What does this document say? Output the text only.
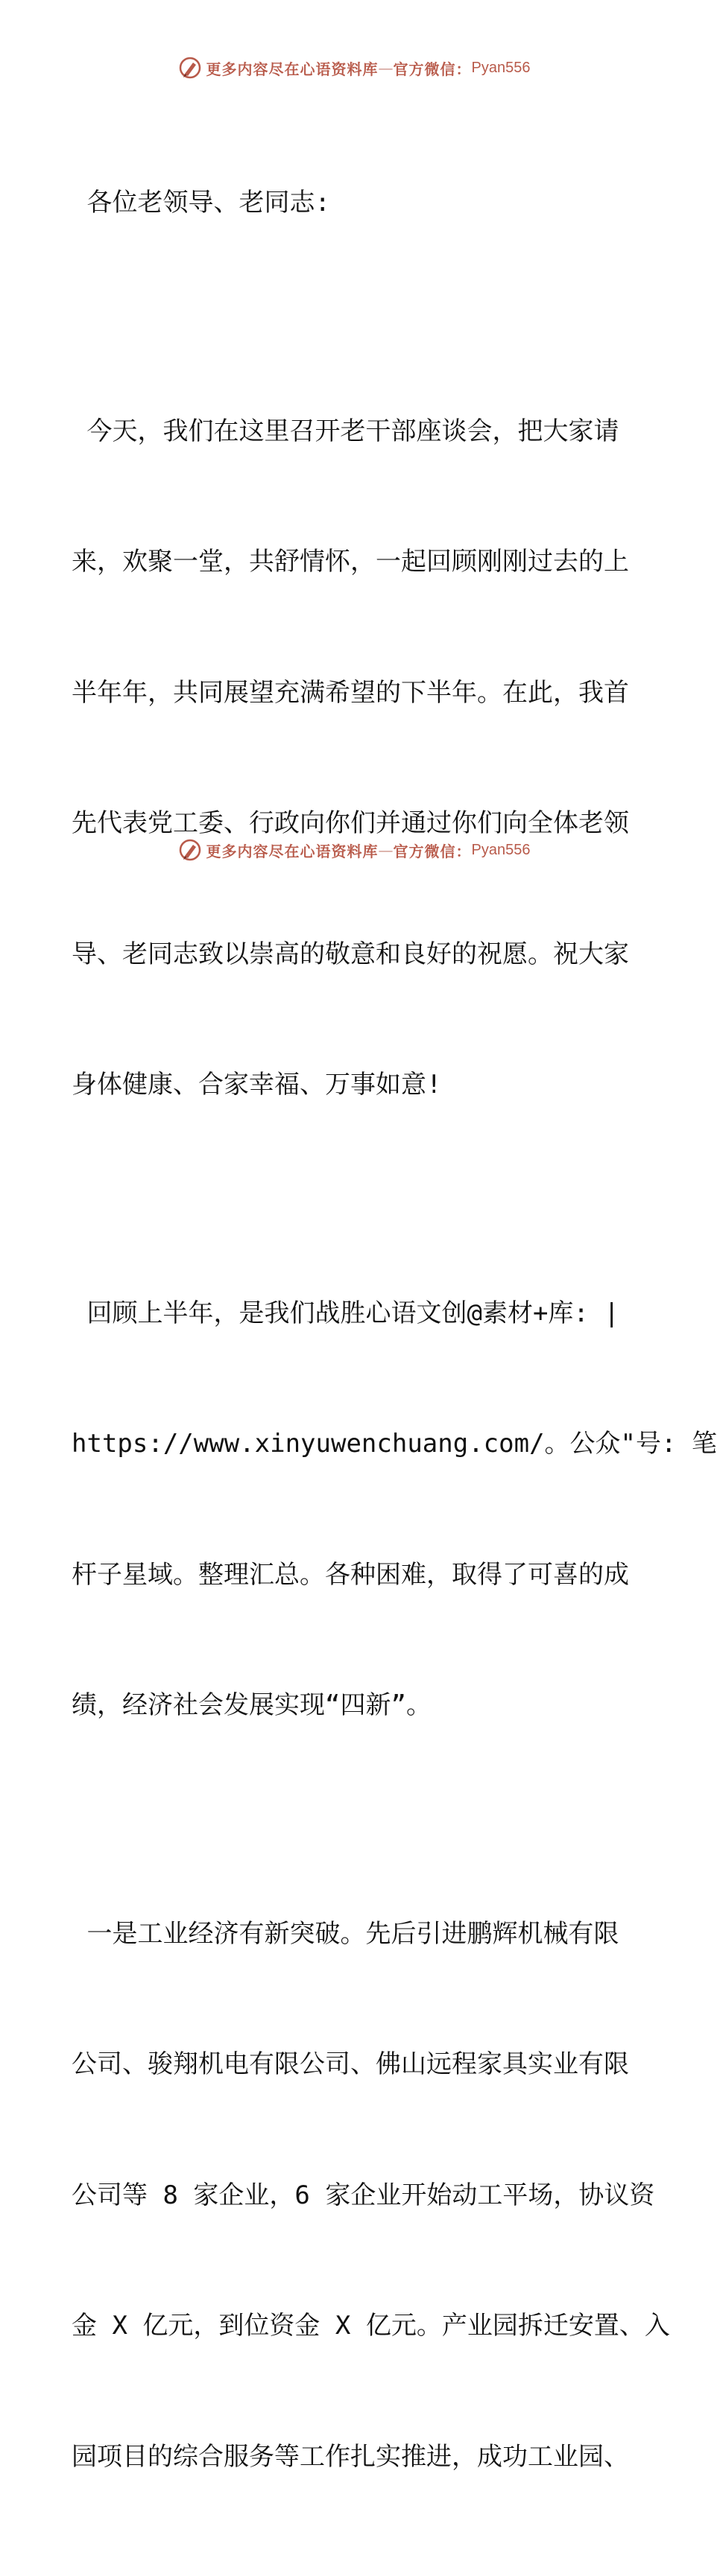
更多内容尽在心语资料库 — 官方微信： Pyan556

各位老领导、老同志:

今天，我们在这里召开老干部座谈会，把大家请

来，欢聚一堂，共舒情怀，一起回顾刚刚过去的上

半年年，共同展望充满希望的下半年。在此，我首

先代表党工委、行政向你们并通过你们向全体老领

导、老同志致以崇高的敬意和良好的祝愿。祝大家

身体健康、合家幸福、万事如意!

回顾上半年，是我们战胜心语文创@素材+库: |

https://www.xinyuwenchuang.com/。公众"号: 笔

杆子星域。整理汇总。各种困难，取得了可喜的成

绩，经济社会发展实现“四新”。

一是工业经济有新突破。先后引进鹏辉机械有限

公司、骏翔机电有限公司、佛山远程家具实业有限

公司等 8 家企业，6 家企业开始动工平场，协议资

金 X 亿元，到位资金 X 亿元。产业园拆迁安置、入

园项目的综合服务等工作扎实推进，成功工业园、

更多内容尽在心语资料库 — 官方微信： Pyan556
